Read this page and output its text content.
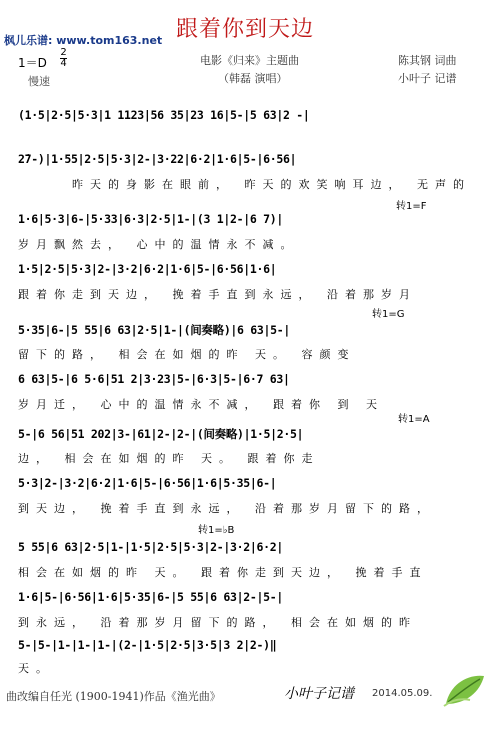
枫儿乐谱: www.tom163.net 跟着你到天边
电影《归来》主题曲
（韩磊 演唱）
陈其钢 词曲
小叶子 记谱
1＝D
2
4
慢速
(1·5|2·5|5·3|1 1123|56 35|23 16|5-|5 63|2 -|
2̇7-)|1·55|2·5|5·3|2-|3·22|6·2|1·6|5-|6·56|
昨天的身影在眼前， 昨天的欢笑响耳边， 无声的
转1=F
1·6|5·3|6-|5·33|6·3|2·5|1-|(3 1|2-|6 7)|
岁月飘然去， 心中的温情永不减。
1·5|2·5|5·3|2-|3·2|6·2|1·6|5-|6·56|1·6|
跟着你走到天边， 挽着手直到永远， 沿着那岁月
转1=G
5·35|6-|5 55|6 63|2·5|1-|(间奏略)|6 63|5-|
留下的路， 相会在如烟的昨 天。 容颜变
6 63|5-|6 5·6|51 2|3·23|5-|6·3|5-|6·7 63|
岁月迁， 心中的温情永不减， 跟着你 到 天
转1=A
5-|6 56|51 202|3-|61|2-|2-|(间奏略)|1·5|2·5|
边， 相会在如烟的昨 天。 跟着你走
5·3|2-|3·2|6·2|1·6|5-|6·56|1·6|5·35|6-|
到天边， 挽着手直到永远， 沿着那岁月留下的路，
转1=♭B
5 55|6 63|2·5|1-|1·5|2·5|5·3|2-|3·2|6·2|
相会在如烟的昨 天。 跟着你走到天边， 挽着手直
1·6|5-|6·56|1·6|5·35|6-|5 55|6 63|2-|5-|
到永远， 沿着那岁月留下的路， 相会在如烟的昨
5-|5-|1-|1-|1-|(2-|1·5|2·5|3·5|3 2|2-)‖
天。
曲改编自任光 (1900-1941)作品《渔光曲》	小叶子记谱 2014.05.09.
